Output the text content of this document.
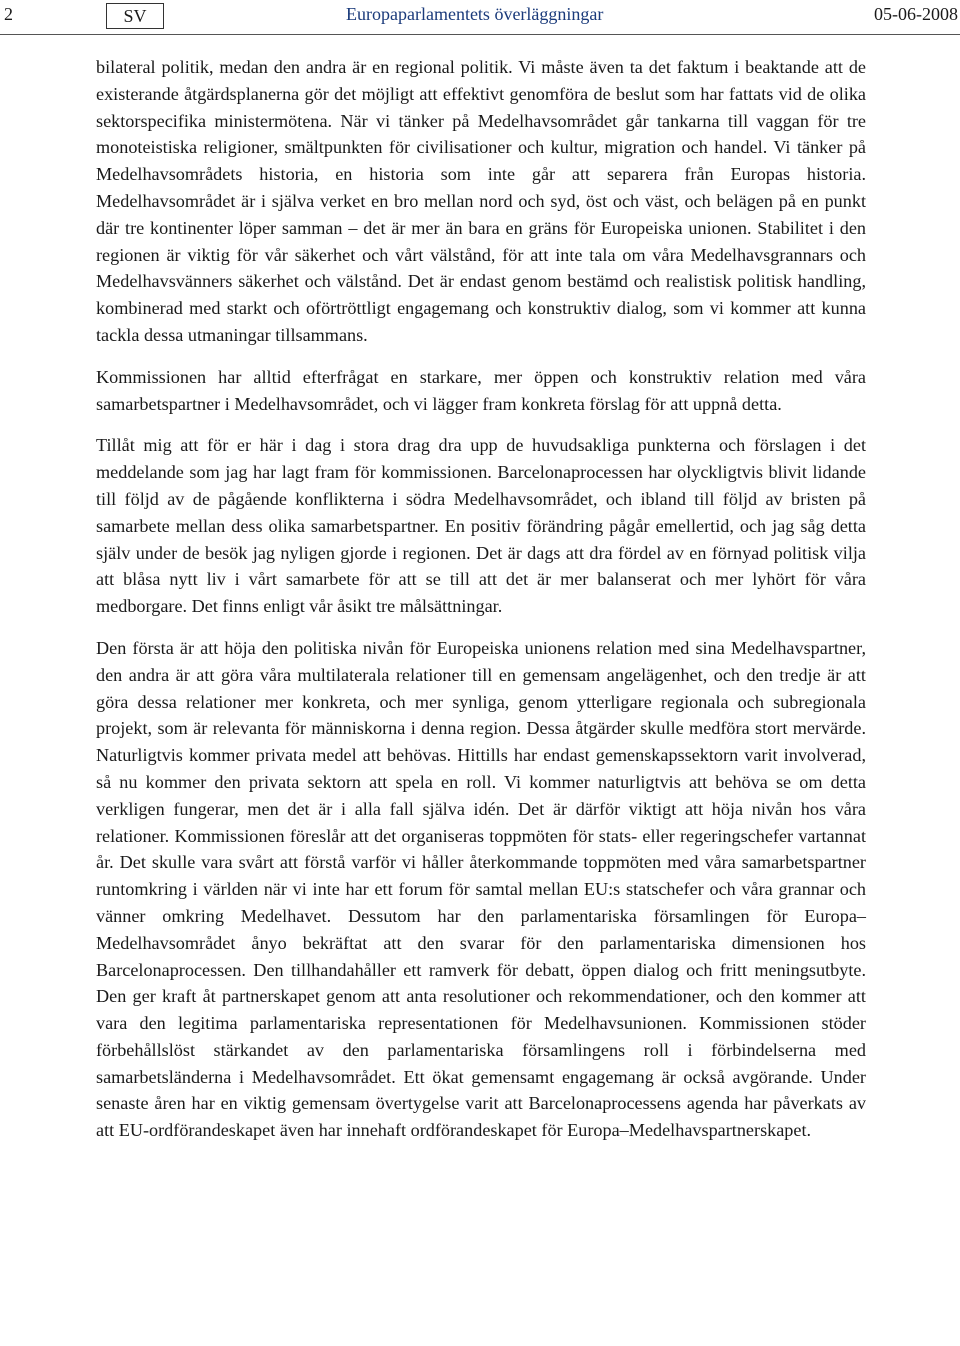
2	SV	Europaparlamentets överläggningar	05-06-2008

bilateral politik, medan den andra är en regional politik. Vi måste även ta det faktum i beaktande att de existerande åtgärdsplanerna gör det möjligt att effektivt genomföra de beslut som har fattats vid de olika sektorspecifika ministermötena. När vi tänker på Medelhavsområdet går tankarna till vaggan för tre monoteistiska religioner, smältpunkten för civilisationer och kultur, migration och handel. Vi tänker på Medelhavsområdets historia, en historia som inte går att separera från Europas historia. Medelhavsområdet är i själva verket en bro mellan nord och syd, öst och väst, och belägen på en punkt där tre kontinenter löper samman – det är mer än bara en gräns för Europeiska unionen. Stabilitet i den regionen är viktig för vår säkerhet och vårt välstånd, för att inte tala om våra Medelhavsgrannars och Medelhavsvänners säkerhet och välstånd. Det är endast genom bestämd och realistisk politisk handling, kombinerad med starkt och oförtröttligt engagemang och konstruktiv dialog, som vi kommer att kunna tackla dessa utmaningar tillsammans.

Kommissionen har alltid efterfrågat en starkare, mer öppen och konstruktiv relation med våra samarbetspartner i Medelhavsområdet, och vi lägger fram konkreta förslag för att uppnå detta.

Tillåt mig att för er här i dag i stora drag dra upp de huvudsakliga punkterna och förslagen i det meddelande som jag har lagt fram för kommissionen. Barcelonaprocessen har olyckligtvis blivit lidande till följd av de pågående konflikterna i södra Medelhavsområdet, och ibland till följd av bristen på samarbete mellan dess olika samarbetspartner. En positiv förändring pågår emellertid, och jag såg detta själv under de besök jag nyligen gjorde i regionen. Det är dags att dra fördel av en förnyad politisk vilja att blåsa nytt liv i vårt samarbete för att se till att det är mer balanserat och mer lyhört för våra medborgare. Det finns enligt vår åsikt tre målsättningar.

Den första är att höja den politiska nivån för Europeiska unionens relation med sina Medelhavspartner, den andra är att göra våra multilaterala relationer till en gemensam angelägenhet, och den tredje är att göra dessa relationer mer konkreta, och mer synliga, genom ytterligare regionala och subregionala projekt, som är relevanta för människorna i denna region. Dessa åtgärder skulle medföra stort mervärde. Naturligtvis kommer privata medel att behövas. Hittills har endast gemenskapssektorn varit involverad, så nu kommer den privata sektorn att spela en roll. Vi kommer naturligtvis att behöva se om detta verkligen fungerar, men det är i alla fall själva idén. Det är därför viktigt att höja nivån hos våra relationer. Kommissionen föreslår att det organiseras toppmöten för stats- eller regeringschefer vartannat år. Det skulle vara svårt att förstå varför vi håller återkommande toppmöten med våra samarbetspartner runtomkring i världen när vi inte har ett forum för samtal mellan EU:s statschefer och våra grannar och vänner omkring Medelhavet. Dessutom har den parlamentariska församlingen för Europa–Medelhavsområdet ånyo bekräftat att den svarar för den parlamentariska dimensionen hos Barcelonaprocessen. Den tillhandahåller ett ramverk för debatt, öppen dialog och fritt meningsutbyte. Den ger kraft åt partnerskapet genom att anta resolutioner och rekommendationer, och den kommer att vara den legitima parlamentariska representationen för Medelhavsunionen. Kommissionen stöder förbehållslöst stärkandet av den parlamentariska församlingens roll i förbindelserna med samarbetsländerna i Medelhavsområdet. Ett ökat gemensamt engagemang är också avgörande. Under senaste åren har en viktig gemensam övertygelse varit att Barcelonaprocessens agenda har påverkats av att EU-ordförandeskapet även har innehaft ordförandeskapet för Europa–Medelhavspartnerskapet.
